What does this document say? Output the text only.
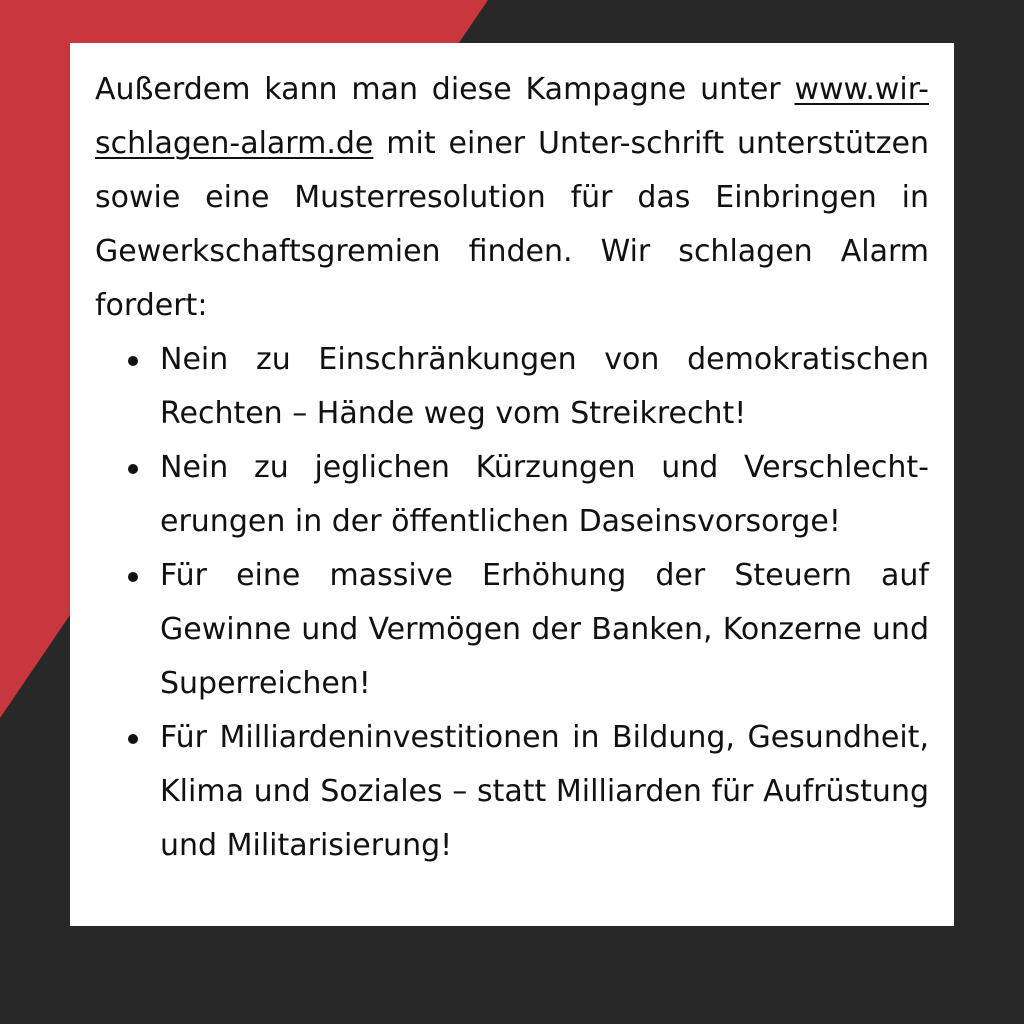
Außerdem kann man diese Kampagne unter www.wir-schlagen-alarm.de mit einer Unter-schrift unterstützen sowie eine Musterresolution für das Einbringen in Gewerkschaftsgremien finden. Wir schlagen Alarm fordert:

Nein zu Einschränkungen von demokratischen Rechten – Hände weg vom Streikrecht!
Nein zu jeglichen Kürzungen und Verschlecht-erungen in der öffentlichen Daseinsvorsorge!
Für eine massive Erhöhung der Steuern auf Gewinne und Vermögen der Banken, Konzerne und Superreichen!
Für Milliardeninvestitionen in Bildung, Gesundheit, Klima und Soziales – statt Milliarden für Aufrüstung und Militarisierung!
